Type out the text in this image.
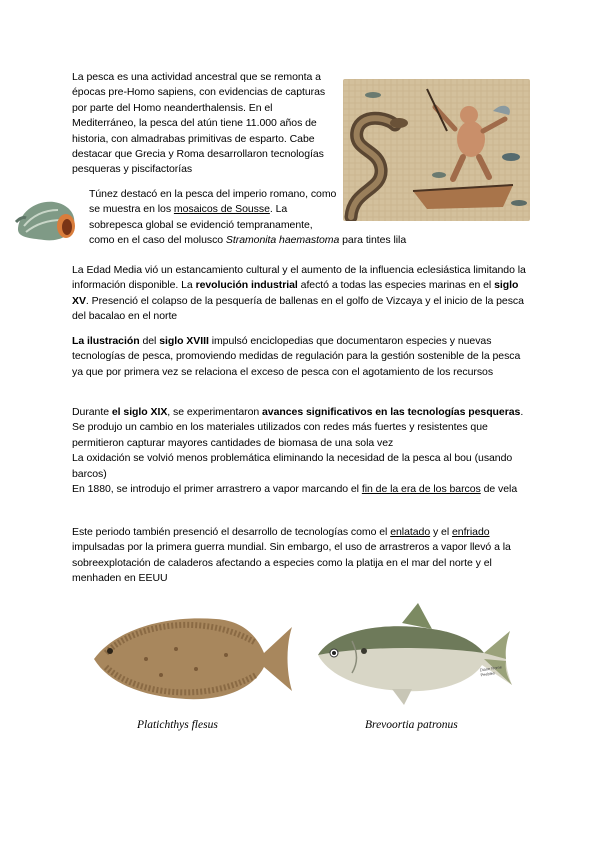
La pesca es una actividad ancestral que se remonta a épocas pre-Homo sapiens, con evidencias de capturas por parte del Homo neanderthalensis. En el Mediterráneo, la pesca del atún tiene 11.000 años de historia, con almadrabas primitivas de esparto. Cabe destacar que Grecia y Roma desarrollaron tecnologías pesqueras y piscifactorías
Túnez destacó en la pesca del imperio romano, como se muestra en los mosaicos de Sousse. La sobrepesca global se evidenció tempranamente,
como en el caso del molusco Stramonita haemastoma para tintes lila
La Edad Media vió un estancamiento cultural y el aumento de la influencia eclesiástica limitando la información disponible. La revolución industrial afectó a todas las especies marinas en el siglo XV. Presenció el colapso de la pesquería de ballenas en el golfo de Vizcaya y el inicio de la pesca del bacalao en el norte
La ilustración del siglo XVIII impulsó enciclopedias que documentaron especies y nuevas tecnologías de pesca, promoviendo medidas de regulación para la gestión sostenible de la pesca ya que por primera vez se relaciona el exceso de pesca con el agotamiento de los recursos
Durante el siglo XIX, se experimentaron avances significativos en las tecnologías pesqueras. Se produjo un cambio en los materiales utilizados con redes más fuertes y resistentes que permitieron capturar mayores cantidades de biomasa de una sola vez
La oxidación se volvió menos problemática eliminando la necesidad de la pesca al bou (usando barcos)
En 1880, se introdujo el primer arrastrero a vapor marcando el fin de la era de los barcos de vela
Este periodo también presenció el desarrollo de tecnologías como el enlatado y el enfriado impulsadas por la primera guerra mundial. Sin embargo, el uso de arrastreros a vapor llevó a la sobreexplotación de caladeros afectando a especies como la platija en el mar del norte y el menhaden en EEUU
Diane Rome Peebles
Platichthys flesus	Brevoortia patronus
